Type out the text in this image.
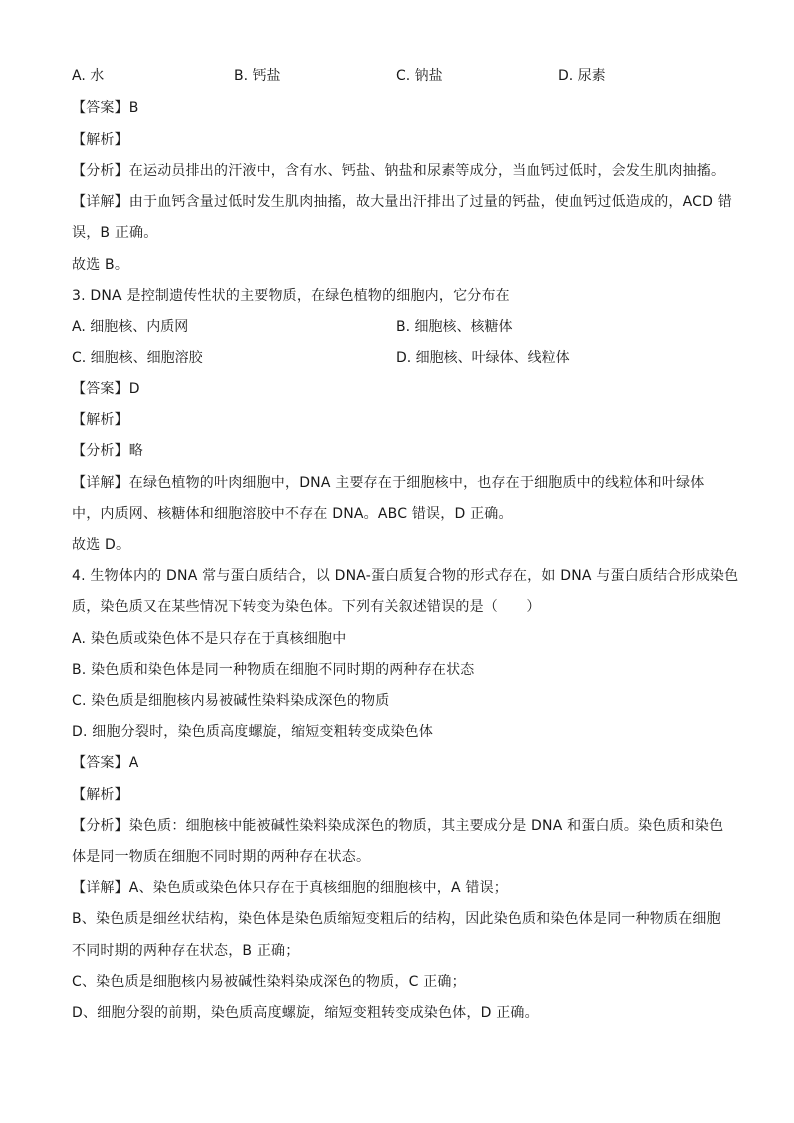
A. 水	B. 钙盐	C. 钠盐	D. 尿素
【答案】B
【解析】
【分析】在运动员排出的汗液中，含有水、钙盐、钠盐和尿素等成分，当血钙过低时，会发生肌肉抽搐。
【详解】由于血钙含量过低时发生肌肉抽搐，故大量出汗排出了过量的钙盐，使血钙过低造成的，ACD 错
误，B 正确。
故选 B。
3. DNA 是控制遗传性状的主要物质，在绿色植物的细胞内，它分布在
A. 细胞核、内质网	B. 细胞核、核糖体
C. 细胞核、细胞溶胶	D. 细胞核、叶绿体、线粒体
【答案】D
【解析】
【分析】略
【详解】在绿色植物的叶肉细胞中，DNA 主要存在于细胞核中，也存在于细胞质中的线粒体和叶绿体
中，内质网、核糖体和细胞溶胶中不存在 DNA。ABC 错误，D 正确。
故选 D。
4. 生物体内的 DNA 常与蛋白质结合，以 DNA-蛋白质复合物的形式存在，如 DNA 与蛋白质结合形成染色
质，染色质又在某些情况下转变为染色体。下列有关叙述错误的是（　　）
A. 染色质或染色体不是只存在于真核细胞中
B. 染色质和染色体是同一种物质在细胞不同时期的两种存在状态
C. 染色质是细胞核内易被碱性染料染成深色的物质
D. 细胞分裂时，染色质高度螺旋，缩短变粗转变成染色体
【答案】A
【解析】
【分析】染色质：细胞核中能被碱性染料染成深色的物质，其主要成分是 DNA 和蛋白质。染色质和染色
体是同一物质在细胞不同时期的两种存在状态。
【详解】A、染色质或染色体只存在于真核细胞的细胞核中，A 错误；
B、染色质是细丝状结构，染色体是染色质缩短变粗后的结构，因此染色质和染色体是同一种物质在细胞
不同时期的两种存在状态，B 正确；
C、染色质是细胞核内易被碱性染料染成深色的物质，C 正确；
D、细胞分裂的前期，染色质高度螺旋，缩短变粗转变成染色体，D 正确。
